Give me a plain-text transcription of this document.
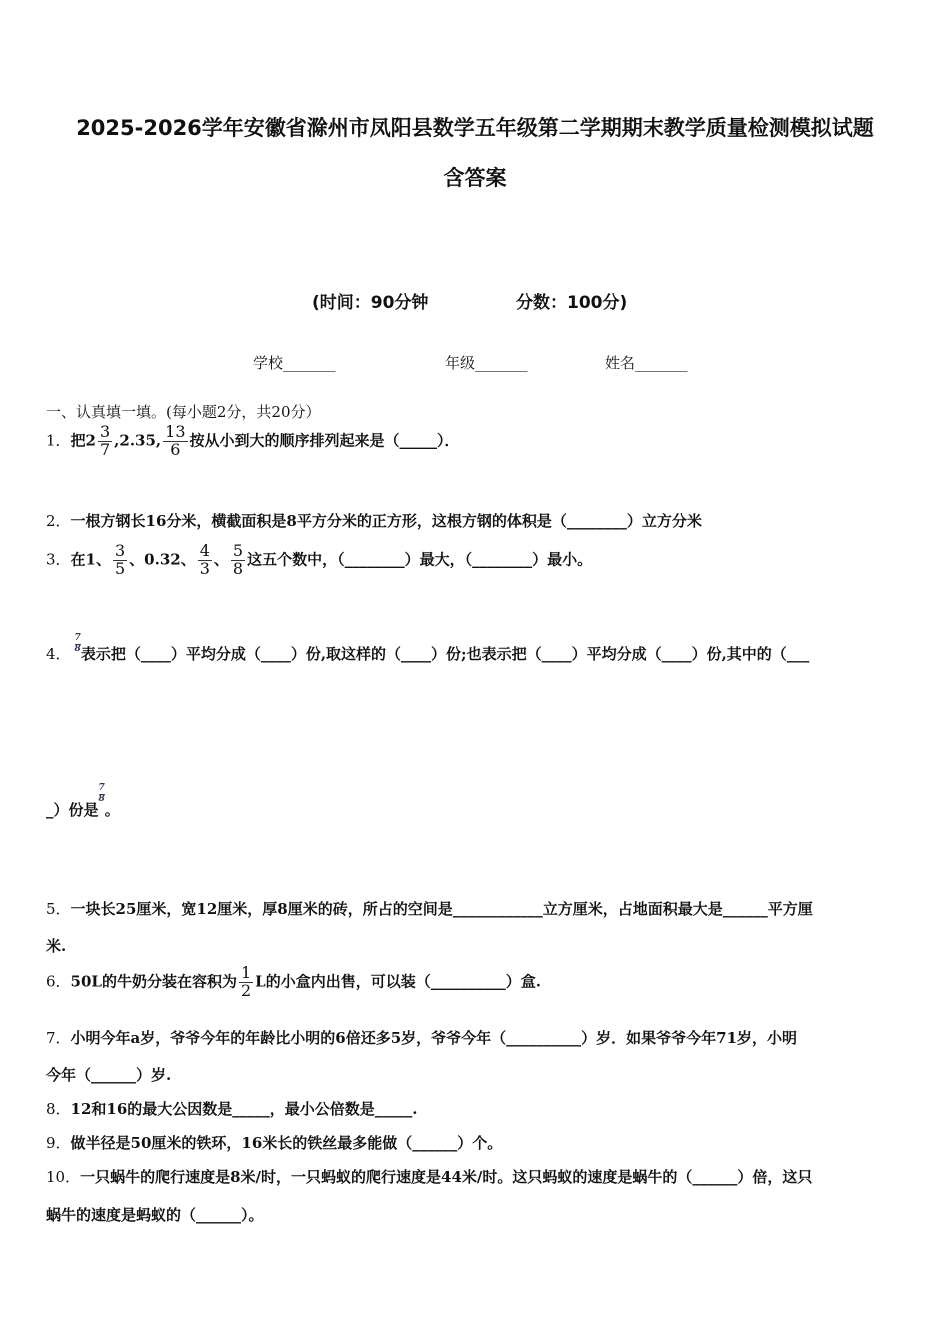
2025-2026学年安徽省滁州市凤阳县数学五年级第二学期期末教学质量检测模拟试题
含答案
(时间：90分钟	分数：100分)
学校_______	年级_______	姓名_______
一、认真填一填。(每小题2分，共20分）
1．把$2 \frac{3}{7} ,2.35$, $\frac{13}{6}$ 按从小到大的顺序排列起来是（_____）．
2．一根方钢长16分米，横截面积是8平方分米的正方形，这根方钢的体积是（________）立方分米
3．在1、 $\frac{3}{5}$ 、0.32、 $\frac{4}{3}$ 、 $\frac{5}{8}$ 这五个数中，（________）最大，（________）最小。
4． $\frac{7}{8}$ 表示把（____）平均分成（____）份,取这样的（____）份;也表示把（____）平均分成（____）份,其中的（___
_）份是
$\frac{7}{8}$
。
5．一块长25厘米，宽12厘米，厚8厘米的砖，所占的空间是____________立方厘米，占地面积最大是______平方厘
米.
6．50L的牛奶分装在容积为 $\frac{1}{2}$ L的小盒内出售，可以装（__________）盒.
7．小明今年a岁，爷爷今年的年龄比小明的6倍还多5岁，爷爷今年（__________）岁．如果爷爷今年71岁，小明
今年（______）岁.
8．12和16的最大公因数是_____，最小公倍数是_____.
9．做半径是50厘米的铁环，16米长的铁丝最多能做（______）个。
10．一只蜗牛的爬行速度是8米/时，一只蚂蚁的爬行速度是44米/时。这只蚂蚁的速度是蜗牛的（______）倍，这只
蜗牛的速度是蚂蚁的（______）。
